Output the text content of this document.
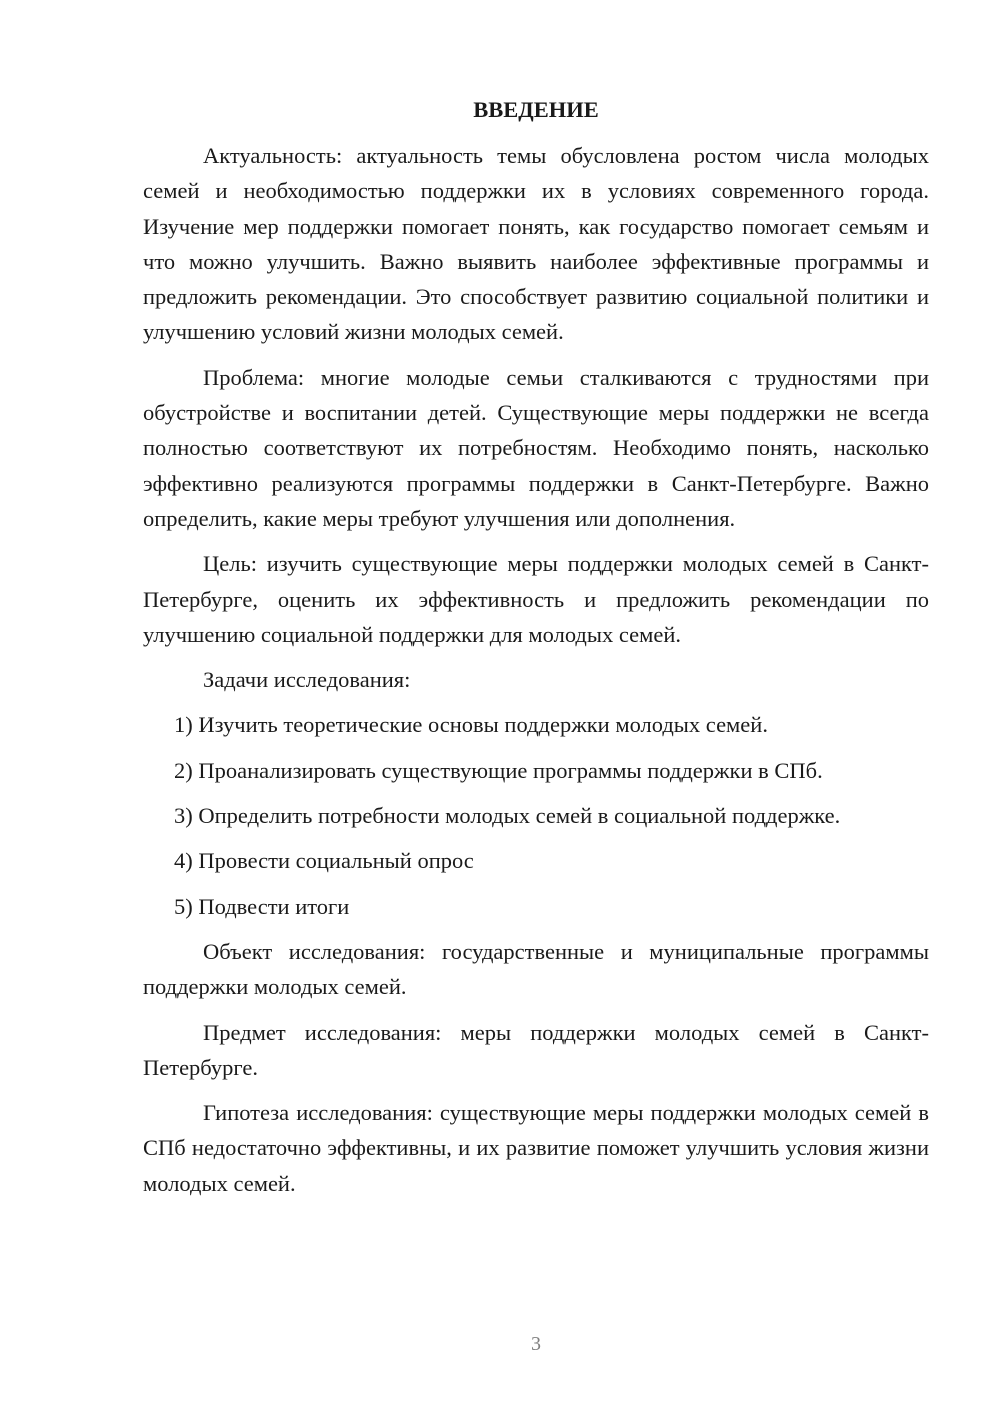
ВВЕДЕНИЕ

Актуальность: актуальность темы обусловлена ростом числа молодых семей и необходимостью поддержки их в условиях современного города. Изучение мер поддержки помогает понять, как государство помогает семьям и что можно улучшить. Важно выявить наиболее эффективные программы и предложить рекомендации. Это способствует развитию социальной политики и улучшению условий жизни молодых семей.

Проблема: многие молодые семьи сталкиваются с трудностями при обустройстве и воспитании детей. Существующие меры поддержки не всегда полностью соответствуют их потребностям. Необходимо понять, насколько эффективно реализуются программы поддержки в Санкт-Петербурге. Важно определить, какие меры требуют улучшения или дополнения.

Цель: изучить существующие меры поддержки молодых семей в Санкт-Петербурге, оценить их эффективность и предложить рекомендации по улучшению социальной поддержки для молодых семей.

Задачи исследования:

1) Изучить теоретические основы поддержки молодых семей.
2) Проанализировать существующие программы поддержки в СПб.
3) Определить потребности молодых семей в социальной поддержке.
4) Провести социальный опрос
5) Подвести итоги

Объект исследования: государственные и муниципальные программы поддержки молодых семей.

Предмет исследования: меры поддержки молодых семей в Санкт-Петербурге.

Гипотеза исследования: существующие меры поддержки молодых семей в СПб недостаточно эффективны, и их развитие поможет улучшить условия жизни молодых семей.

3
